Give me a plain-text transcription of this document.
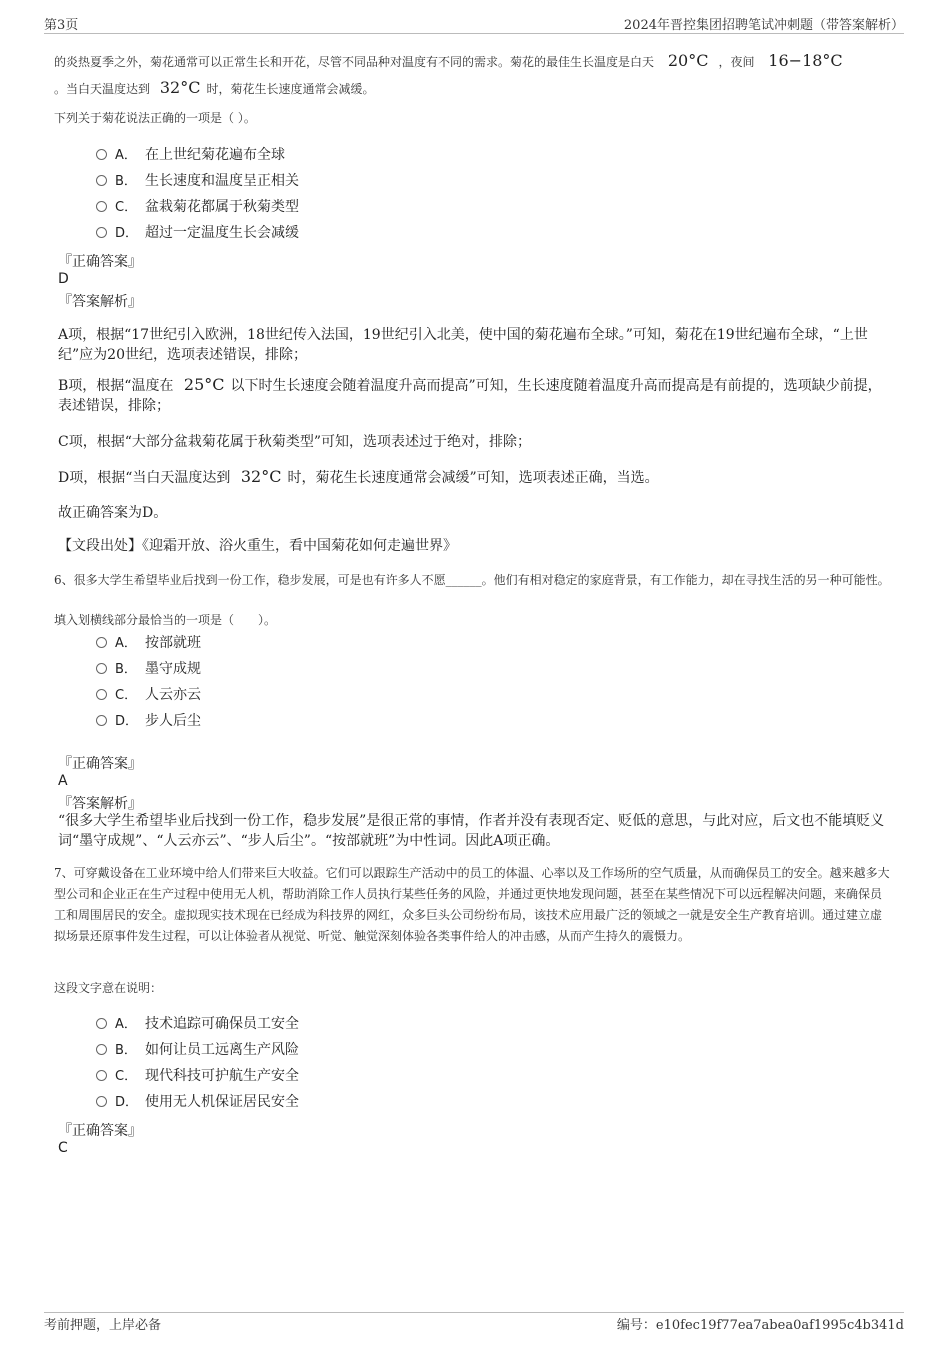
第3页	2024年晋控集团招聘笔试冲刺题（带答案解析）
的炎热夏季之外，菊花通常可以正常生长和开花，尽管不同品种对温度有不同的需求。菊花的最佳生长温度是白天 20°C ，夜间 16−18°C
。当白天温度达到 32°C 时，菊花生长速度通常会减缓。
下列关于菊花说法正确的一项是（ ）。
A． 在上世纪菊花遍布全球
B． 生长速度和温度呈正相关
C． 盆栽菊花都属于秋菊类型
D． 超过一定温度生长会减缓
『正确答案』
D
『答案解析』
A项，根据“17世纪引入欧洲，18世纪传入法国，19世纪引入北美，使中国的菊花遍布全球。”可知，菊花在19世纪遍布全球，“上世纪”应为20世纪，选项表述错误，排除；
B项，根据“温度在 25°C 以下时生长速度会随着温度升高而提高”可知，生长速度随着温度升高而提高是有前提的，选项缺少前提，表述错误，排除；
C项，根据“大部分盆栽菊花属于秋菊类型”可知，选项表述过于绝对，排除；
D项，根据“当白天温度达到 32°C 时，菊花生长速度通常会减缓”可知，选项表述正确，当选。
故正确答案为D。
【文段出处】《迎霜开放、浴火重生，看中国菊花如何走遍世界》
6、很多大学生希望毕业后找到一份工作，稳步发展，可是也有许多人不愿______。他们有相对稳定的家庭背景，有工作能力，却在寻找生活的另一种可能性。
填入划横线部分最恰当的一项是（　　）。
A． 按部就班
B． 墨守成规
C． 人云亦云
D． 步人后尘
『正确答案』
A
『答案解析』
“很多大学生希望毕业后找到一份工作，稳步发展”是很正常的事情，作者并没有表现否定、贬低的意思，与此对应，后文也不能填贬义词“墨守成规”、“人云亦云”、“步人后尘”。“按部就班”为中性词。因此A项正确。
7、可穿戴设备在工业环境中给人们带来巨大收益。它们可以跟踪生产活动中的员工的体温、心率以及工作场所的空气质量，从而确保员工的安全。越来越多大型公司和企业正在生产过程中使用无人机，帮助消除工作人员执行某些任务的风险，并通过更快地发现问题，甚至在某些情况下可以远程解决问题，来确保员工和周围居民的安全。虚拟现实技术现在已经成为科技界的网红，众多巨头公司纷纷布局，该技术应用最广泛的领域之一就是安全生产教育培训。通过建立虚拟场景还原事件发生过程，可以让体验者从视觉、听觉、触觉深刻体验各类事件给人的冲击感，从而产生持久的震慑力。
这段文字意在说明：
A． 技术追踪可确保员工安全
B． 如何让员工远离生产风险
C． 现代科技可护航生产安全
D． 使用无人机保证居民安全
『正确答案』
C
考前押题，上岸必备	编号：e10fec19f77ea7abea0af1995c4b341d
